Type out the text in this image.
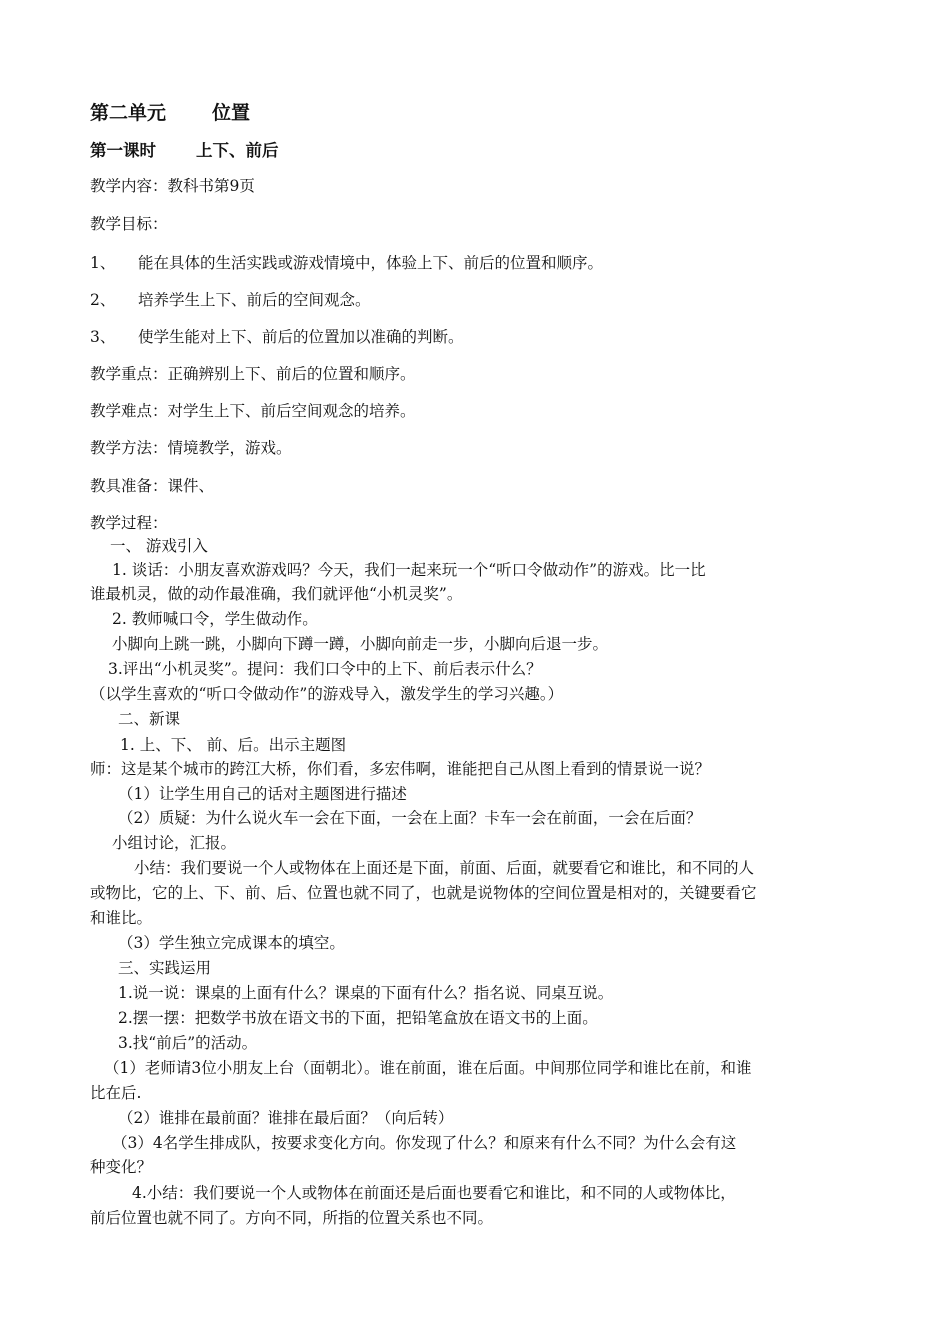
第二单元 位置
第一课时 上下、前后
教学内容：教科书第9页
教学目标：
1、 能在具体的生活实践或游戏情境中，体验上下、前后的位置和顺序。
2、 培养学生上下、前后的空间观念。
3、 使学生能对上下、前后的位置加以准确的判断。
教学重点：正确辨别上下、前后的位置和顺序。
教学难点：对学生上下、前后空间观念的培养。
教学方法：情境教学，游戏。
教具准备：课件、
教学过程：
一、 游戏引入
1. 谈话：小朋友喜欢游戏吗？今天，我们一起来玩一个“听口令做动作”的游戏。比一比
谁最机灵，做的动作最准确，我们就评他“小机灵奖”。
2. 教师喊口令，学生做动作。
小脚向上跳一跳，小脚向下蹲一蹲，小脚向前走一步，小脚向后退一步。
3.评出“小机灵奖”。提问：我们口令中的上下、前后表示什么？
（以学生喜欢的“听口令做动作”的游戏导入，激发学生的学习兴趣。）
二、新课
1. 上、下、 前、后。出示主题图
师：这是某个城市的跨江大桥，你们看，多宏伟啊，谁能把自己从图上看到的情景说一说？
（1）让学生用自己的话对主题图进行描述
（2）质疑：为什么说火车一会在下面，一会在上面？卡车一会在前面，一会在后面？
小组讨论，汇报。
小结：我们要说一个人或物体在上面还是下面，前面、后面，就要看它和谁比，和不同的人
或物比，它的上、下、前、后、位置也就不同了，也就是说物体的空间位置是相对的，关键要看它
和谁比。
（3）学生独立完成课本的填空。
三、实践运用
1.说一说：课桌的上面有什么？课桌的下面有什么？指名说、同桌互说。
2.摆一摆：把数学书放在语文书的下面，把铅笔盒放在语文书的上面。
3.找“前后”的活动。
（1）老师请3位小朋友上台（面朝北）。谁在前面，谁在后面。中间那位同学和谁比在前，和谁
比在后.
（2）谁排在最前面？谁排在最后面？（向后转）
（3）4名学生排成队，按要求变化方向。你发现了什么？和原来有什么不同？为什么会有这
种变化？
4.小结：我们要说一个人或物体在前面还是后面也要看它和谁比，和不同的人或物体比，
前后位置也就不同了。方向不同，所指的位置关系也不同。
